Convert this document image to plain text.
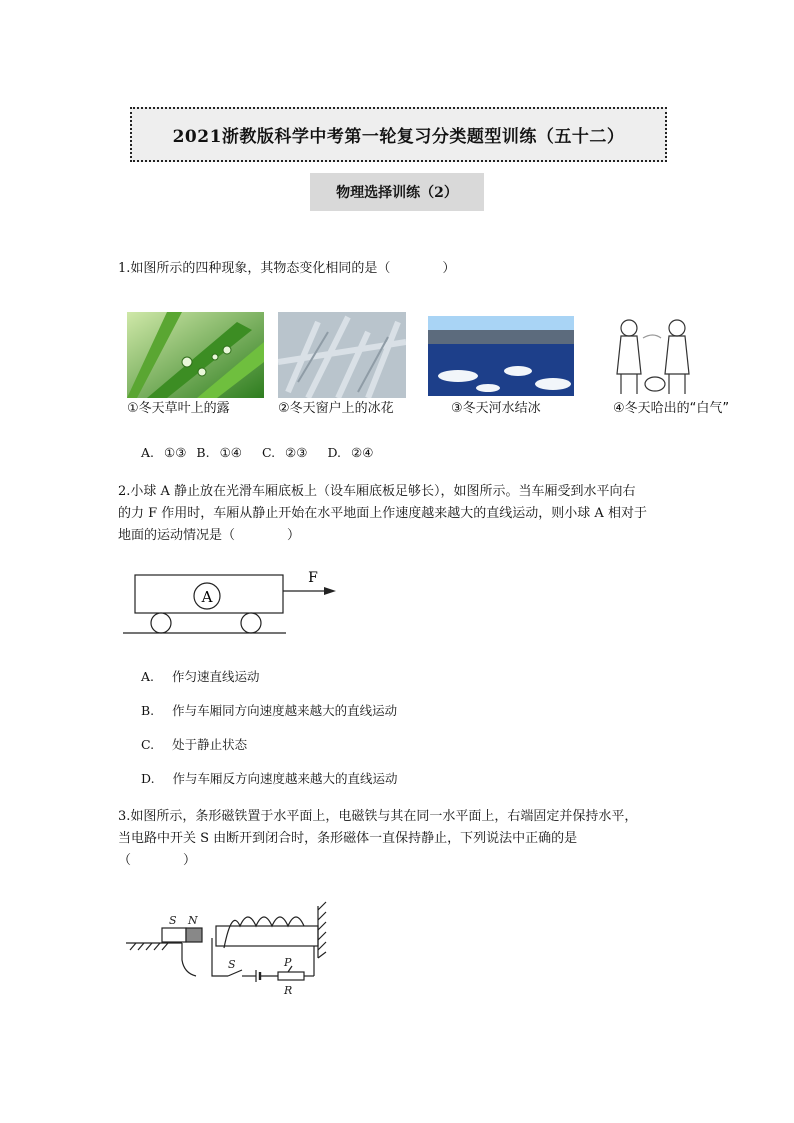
2021浙教版科学中考第一轮复习分类题型训练（五十二）
物理选择训练（2）
1.如图所示的四种现象，其物态变化相同的是（　　　　）
①冬天草叶上的露	②冬天窗户上的冰花	③冬天河水结冰	④冬天哈出的“白气”
A. ①③ B. ①④ C. ②③ D. ②④
2.小球 A 静止放在光滑车厢底板上（设车厢底板足够长），如图所示。当车厢受到水平向右
的力 F 作用时，车厢从静止开始在水平地面上作速度越来越大的直线运动，则小球 A 相对于
地面的运动情况是（　　　　）
A
F
A. 作匀速直线运动
B. 作与车厢同方向速度越来越大的直线运动
C. 处于静止状态
D. 作与车厢反方向速度越来越大的直线运动
3.如图所示，条形磁铁置于水平面上，电磁铁与其在同一水平面上，右端固定并保持水平，
当电路中开关 S 由断开到闭合时，条形磁体一直保持静止，下列说法中正确的是
（　　　　）
S N
S	P
R
